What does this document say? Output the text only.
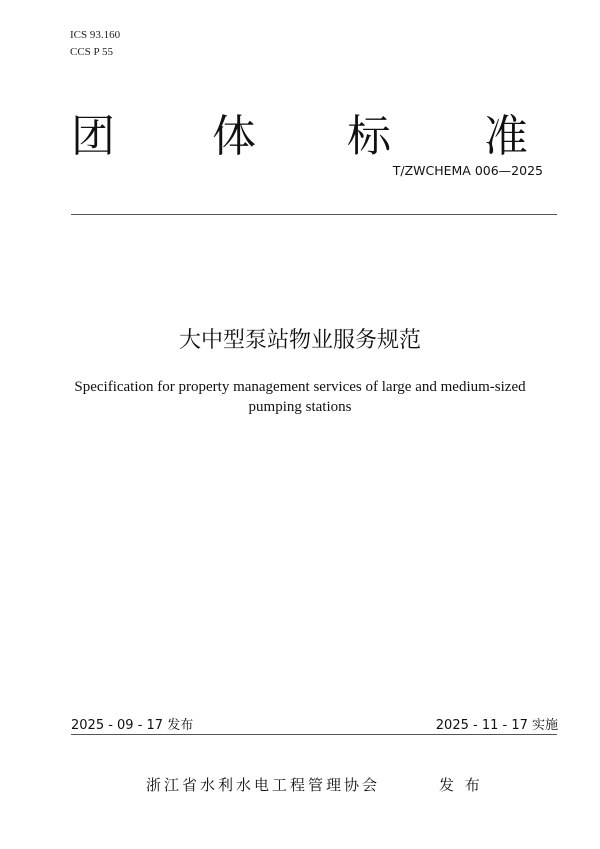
ICS 93.160
CCS P 55
团 体 标 准
T/ZWCHEMA 006—2025
大中型泵站物业服务规范
Specification for property management services of large and medium-sized pumping stations
2025 - 09 - 17 发布	2025 - 11 - 17 实施
浙江省水利水电工程管理协会	发 布
